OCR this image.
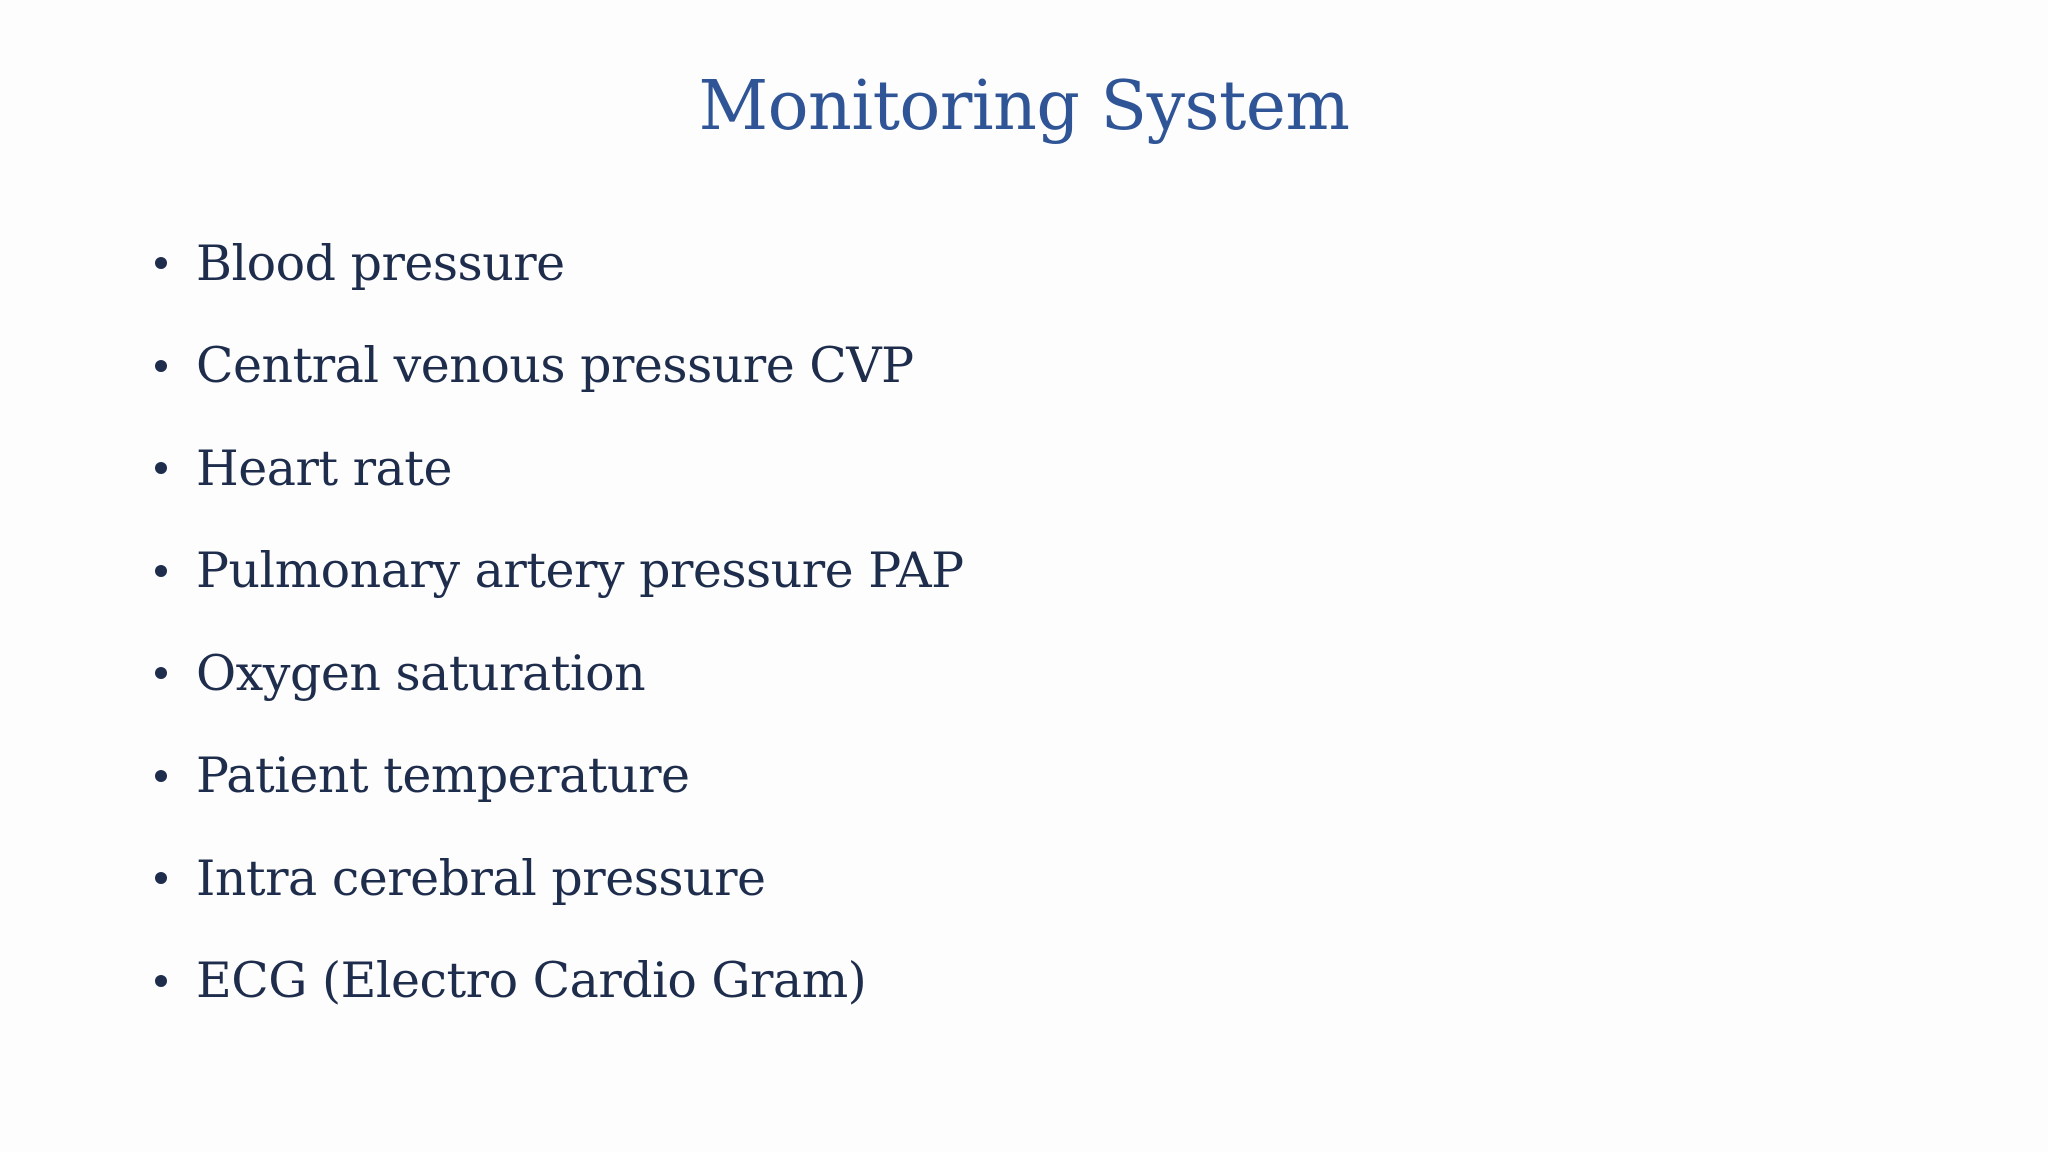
Monitoring System
Blood pressure
Central venous pressure CVP
Heart rate
Pulmonary artery pressure PAP
Oxygen saturation
Patient temperature
Intra cerebral pressure
ECG (Electro Cardio Gram)
